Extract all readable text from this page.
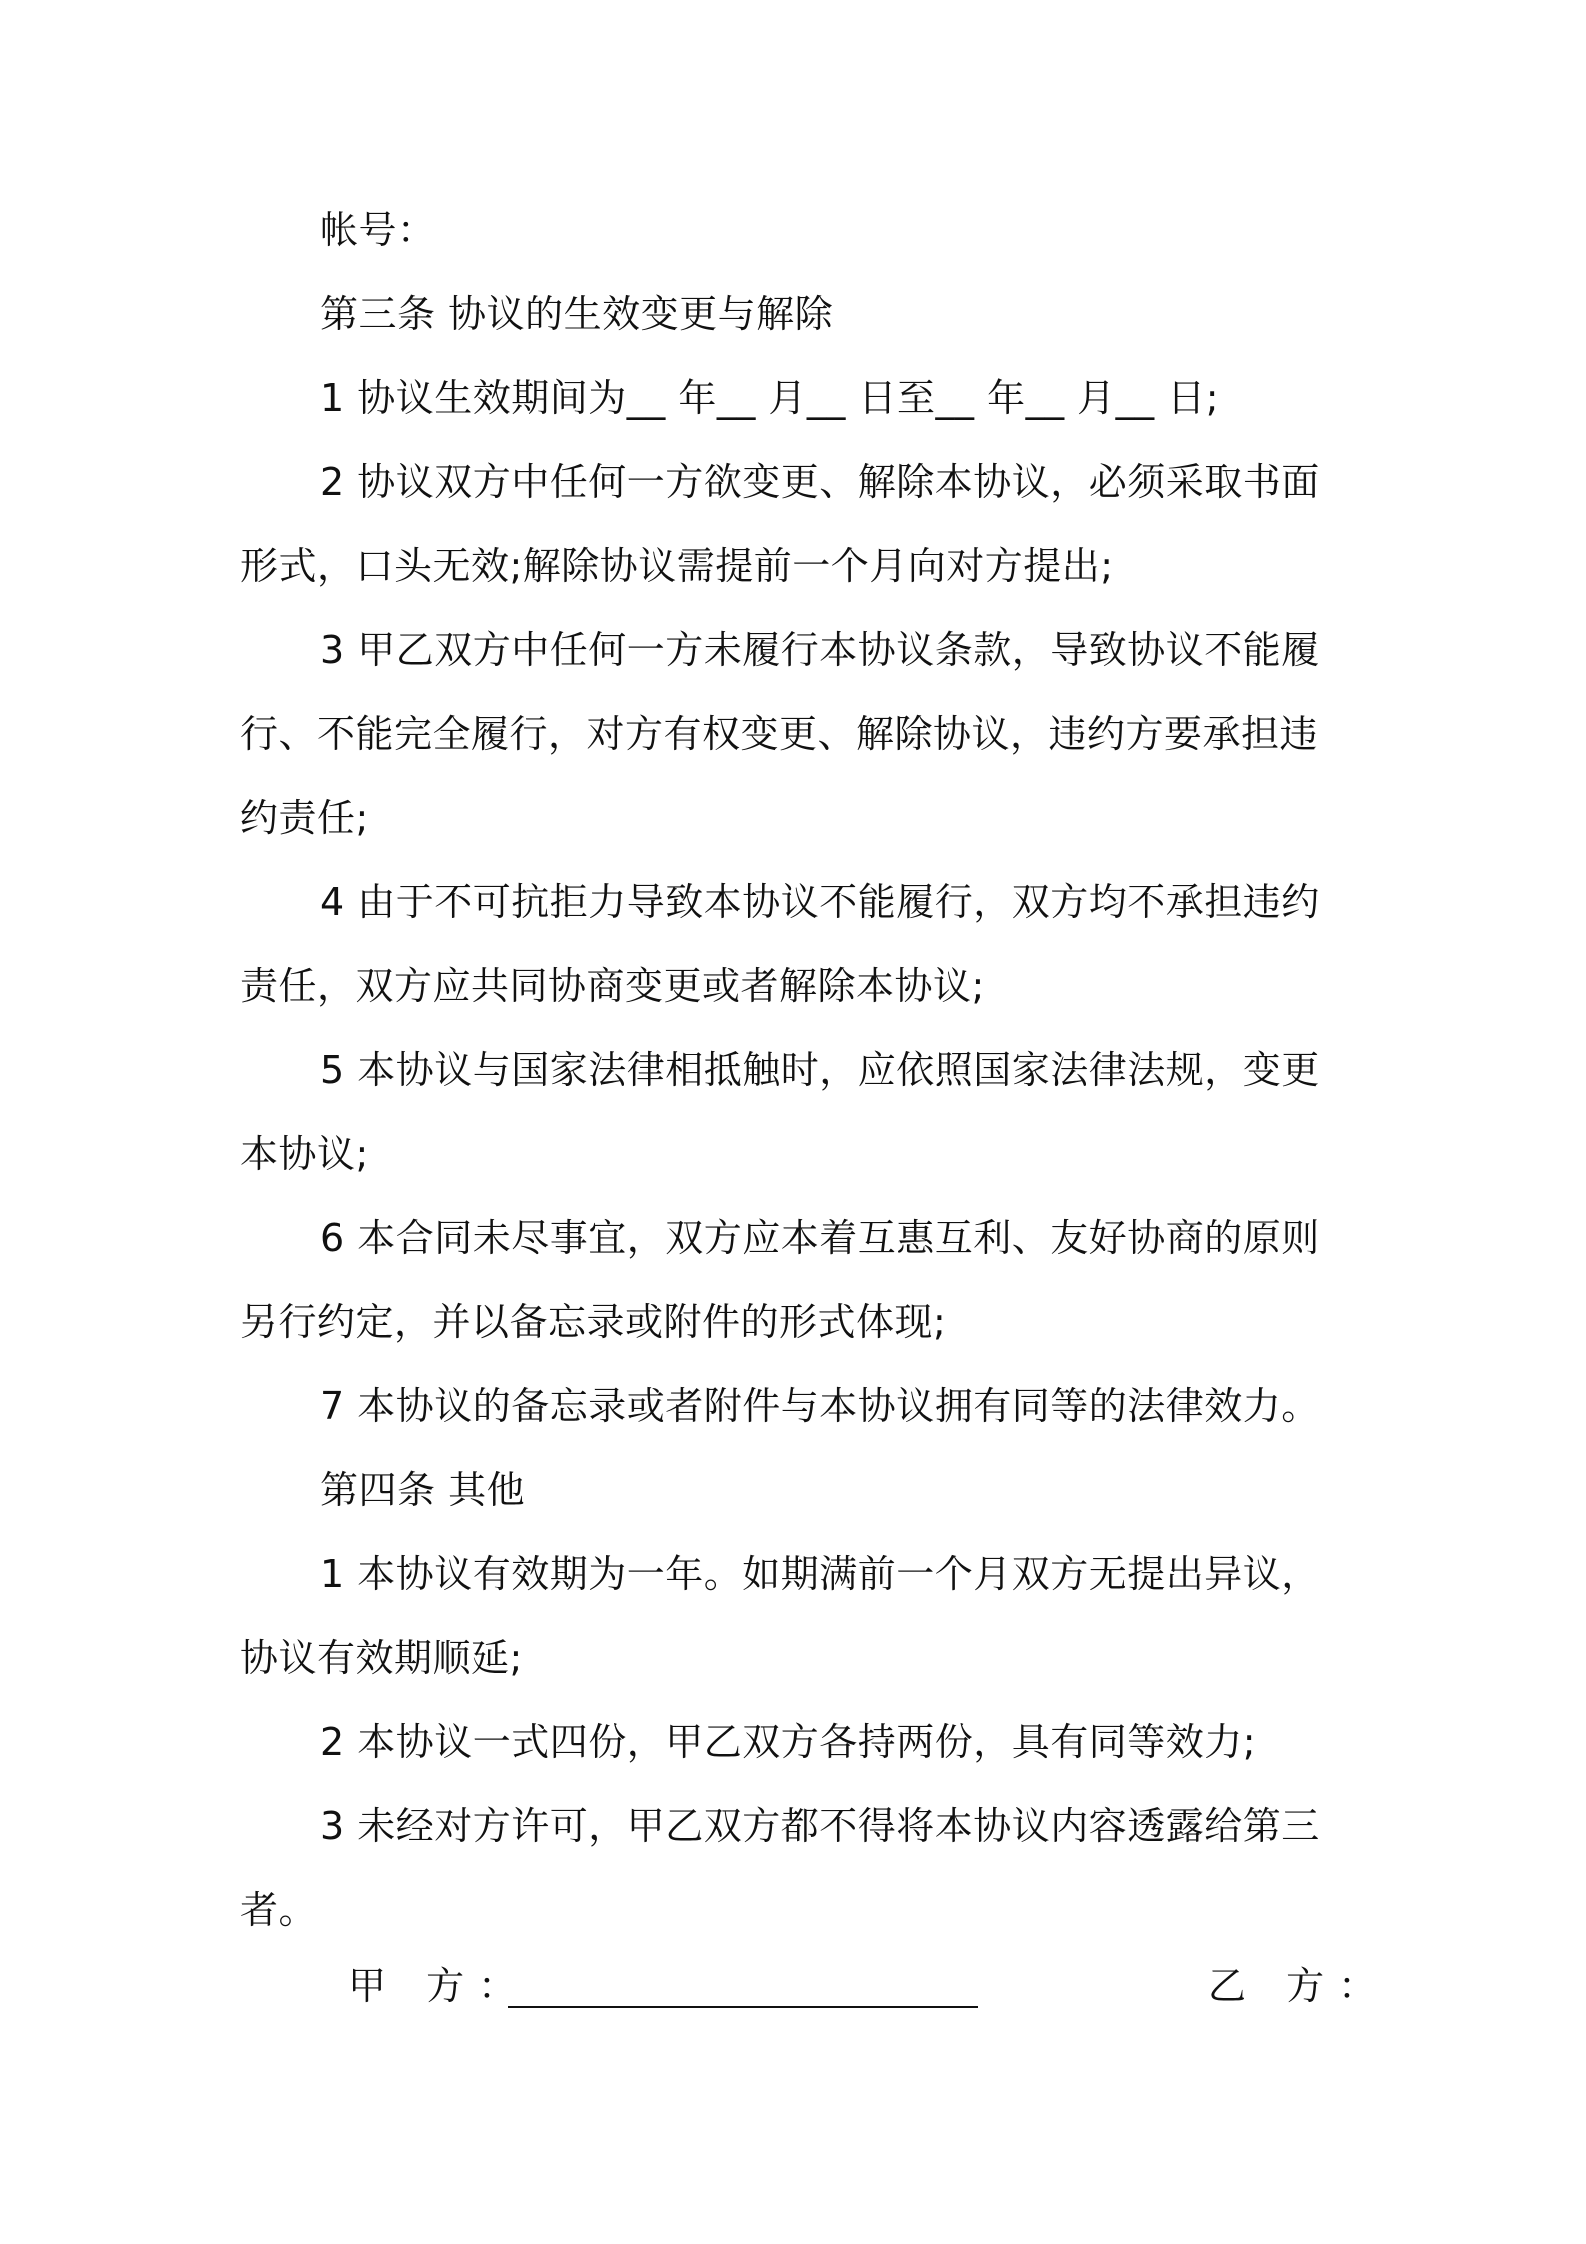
帐号：
第三条 协议的生效变更与解除
1 协议生效期间为__ 年__ 月__ 日至__ 年__ 月__ 日;
2 协议双方中任何一方欲变更、解除本协议，必须采取书面
形式，口头无效;解除协议需提前一个月向对方提出;
3 甲乙双方中任何一方未履行本协议条款，导致协议不能履
行、不能完全履行，对方有权变更、解除协议，违约方要承担违
约责任;
4 由于不可抗拒力导致本协议不能履行，双方均不承担违约
责任，双方应共同协商变更或者解除本协议;
5 本协议与国家法律相抵触时，应依照国家法律法规，变更
本协议;
6 本合同未尽事宜，双方应本着互惠互利、友好协商的原则
另行约定，并以备忘录或附件的形式体现;
7 本协议的备忘录或者附件与本协议拥有同等的法律效力。
第四条 其他
1 本协议有效期为一年。如期满前一个月双方无提出异议，
协议有效期顺延;
2 本协议一式四份，甲乙双方各持两份，具有同等效力;
3 未经对方许可，甲乙双方都不得将本协议内容透露给第三
者。
甲 方：	乙 方：
